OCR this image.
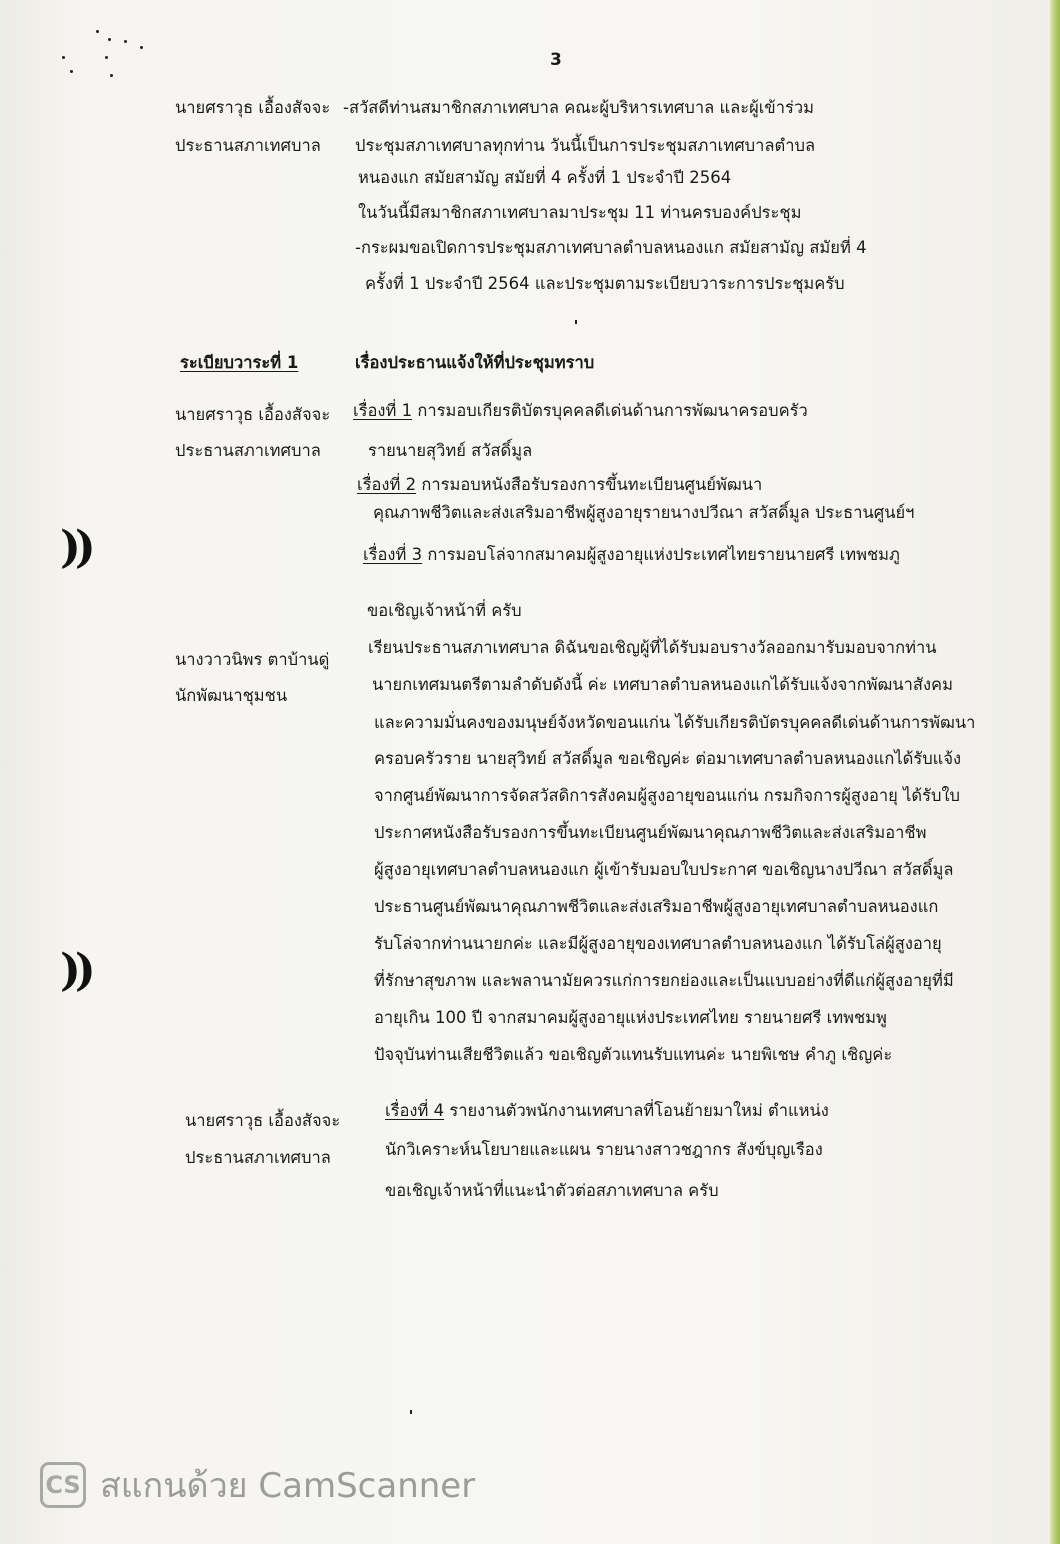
3
))
))
นายศราวุธ เอื้องสัจจะ
ประธานสภาเทศบาล
-สวัสดีท่านสมาชิกสภาเทศบาล คณะผู้บริหารเทศบาล และผู้เข้าร่วม
ประชุมสภาเทศบาลทุกท่าน วันนี้เป็นการประชุมสภาเทศบาลตำบล
หนองแก สมัยสามัญ สมัยที่ 4 ครั้งที่ 1 ประจำปี 2564
ในวันนี้มีสมาชิกสภาเทศบาลมาประชุม 11 ท่านครบองค์ประชุม
-กระผมขอเปิดการประชุมสภาเทศบาลตำบลหนองแก สมัยสามัญ สมัยที่ 4
ครั้งที่ 1 ประจำปี 2564 และประชุมตามระเบียบวาระการประชุมครับ
ระเบียบวาระที่ 1	เรื่องประธานแจ้งให้ที่ประชุมทราบ
นายศราวุธ เอื้องสัจจะ
ประธานสภาเทศบาล
เรื่องที่ 1 การมอบเกียรติบัตรบุคคลดีเด่นด้านการพัฒนาครอบครัว
รายนายสุวิทย์ สวัสดิ์มูล
เรื่องที่ 2 การมอบหนังสือรับรองการขึ้นทะเบียนศูนย์พัฒนา
คุณภาพชีวิตและส่งเสริมอาชีพผู้สูงอายุรายนางปวีณา สวัสดิ์มูล ประธานศูนย์ฯ
เรื่องที่ 3 การมอบโล่จากสมาคมผู้สูงอายุแห่งประเทศไทยรายนายศรี เทพชมภู
ขอเชิญเจ้าหน้าที่ ครับ
นางวาวนิพร ตาบ้านดู่
นักพัฒนาชุมชน
เรียนประธานสภาเทศบาล ดิฉันขอเชิญผู้ที่ได้รับมอบรางวัลออกมารับมอบจากท่าน
นายกเทศมนตรีตามลำดับดังนี้ ค่ะ เทศบาลตำบลหนองแกได้รับแจ้งจากพัฒนาสังคม
และความมั่นคงของมนุษย์จังหวัดขอนแก่น ได้รับเกียรติบัตรบุคคลดีเด่นด้านการพัฒนา
ครอบครัวราย นายสุวิทย์ สวัสดิ์มูล ขอเชิญค่ะ ต่อมาเทศบาลตำบลหนองแกได้รับแจ้ง
จากศูนย์พัฒนาการจัดสวัสดิการสังคมผู้สูงอายุขอนแก่น กรมกิจการผู้สูงอายุ ได้รับใบ
ประกาศหนังสือรับรองการขึ้นทะเบียนศูนย์พัฒนาคุณภาพชีวิตและส่งเสริมอาชีพ
ผู้สูงอายุเทศบาลตำบลหนองแก ผู้เข้ารับมอบใบประกาศ ขอเชิญนางปวีณา สวัสดิ์มูล
ประธานศูนย์พัฒนาคุณภาพชีวิตและส่งเสริมอาชีพผู้สูงอายุเทศบาลตำบลหนองแก
รับโล่จากท่านนายกค่ะ และมีผู้สูงอายุของเทศบาลตำบลหนองแก ได้รับโล่ผู้สูงอายุ
ที่รักษาสุขภาพ และพลานามัยควรแก่การยกย่องและเป็นแบบอย่างที่ดีแก่ผู้สูงอายุที่มี
อายุเกิน 100 ปี จากสมาคมผู้สูงอายุแห่งประเทศไทย รายนายศรี เทพชมพู
ปัจจุบันท่านเสียชีวิตแล้ว ขอเชิญตัวแทนรับแทนค่ะ นายพิเชษ คำภู เชิญค่ะ
นายศราวุธ เอื้องสัจจะ
ประธานสภาเทศบาล
เรื่องที่ 4 รายงานตัวพนักงานเทศบาลที่โอนย้ายมาใหม่ ตำแหน่ง
นักวิเคราะห์นโยบายและแผน รายนางสาวชฎากร สังข์บุญเรือง
ขอเชิญเจ้าหน้าที่แนะนำตัวต่อสภาเทศบาล ครับ
CS สแกนด้วย CamScanner
